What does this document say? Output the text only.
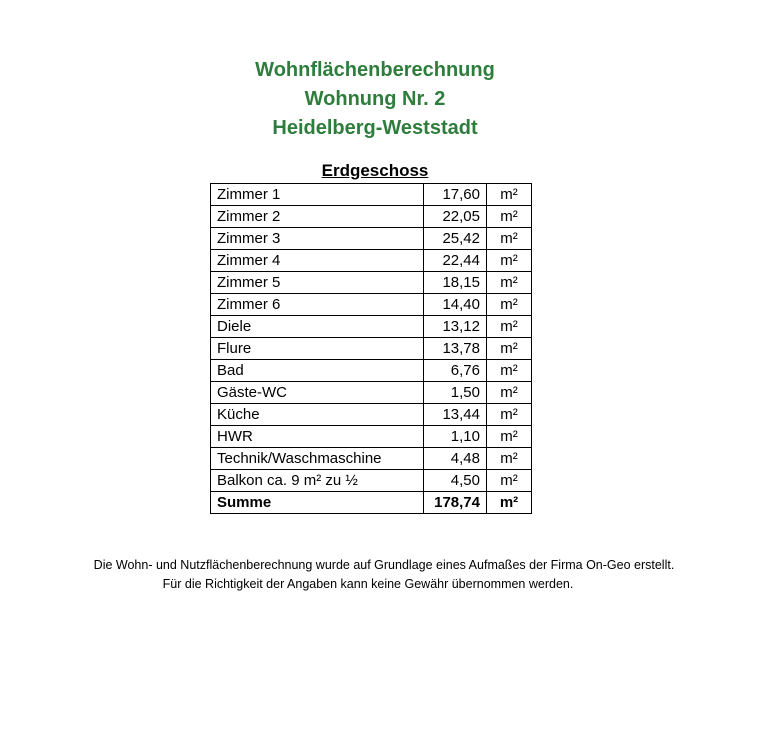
Wohnflächenberechnung

Wohnung Nr. 2

Heidelberg-Weststadt

Erdgeschoss
Zimmer 1	17,60	m²
Zimmer 2	22,05	m²
Zimmer 3	25,42	m²
Zimmer 4	22,44	m²
Zimmer 5	18,15	m²
Zimmer 6	14,40	m²
Diele	13,12	m²
Flure	13,78	m²
Bad	6,76	m²
Gäste-WC	1,50	m²
Küche	13,44	m²
HWR	1,10	m²
Technik/Waschmaschine	4,48	m²
Balkon ca. 9 m² zu ½	4,50	m²
Summe	178,74	m²

Die Wohn- und Nutzflächenberechnung wurde auf Grundlage eines Aufmaßes der Firma On-Geo erstellt.

Für die Richtigkeit der Angaben kann keine Gewähr übernommen werden.
